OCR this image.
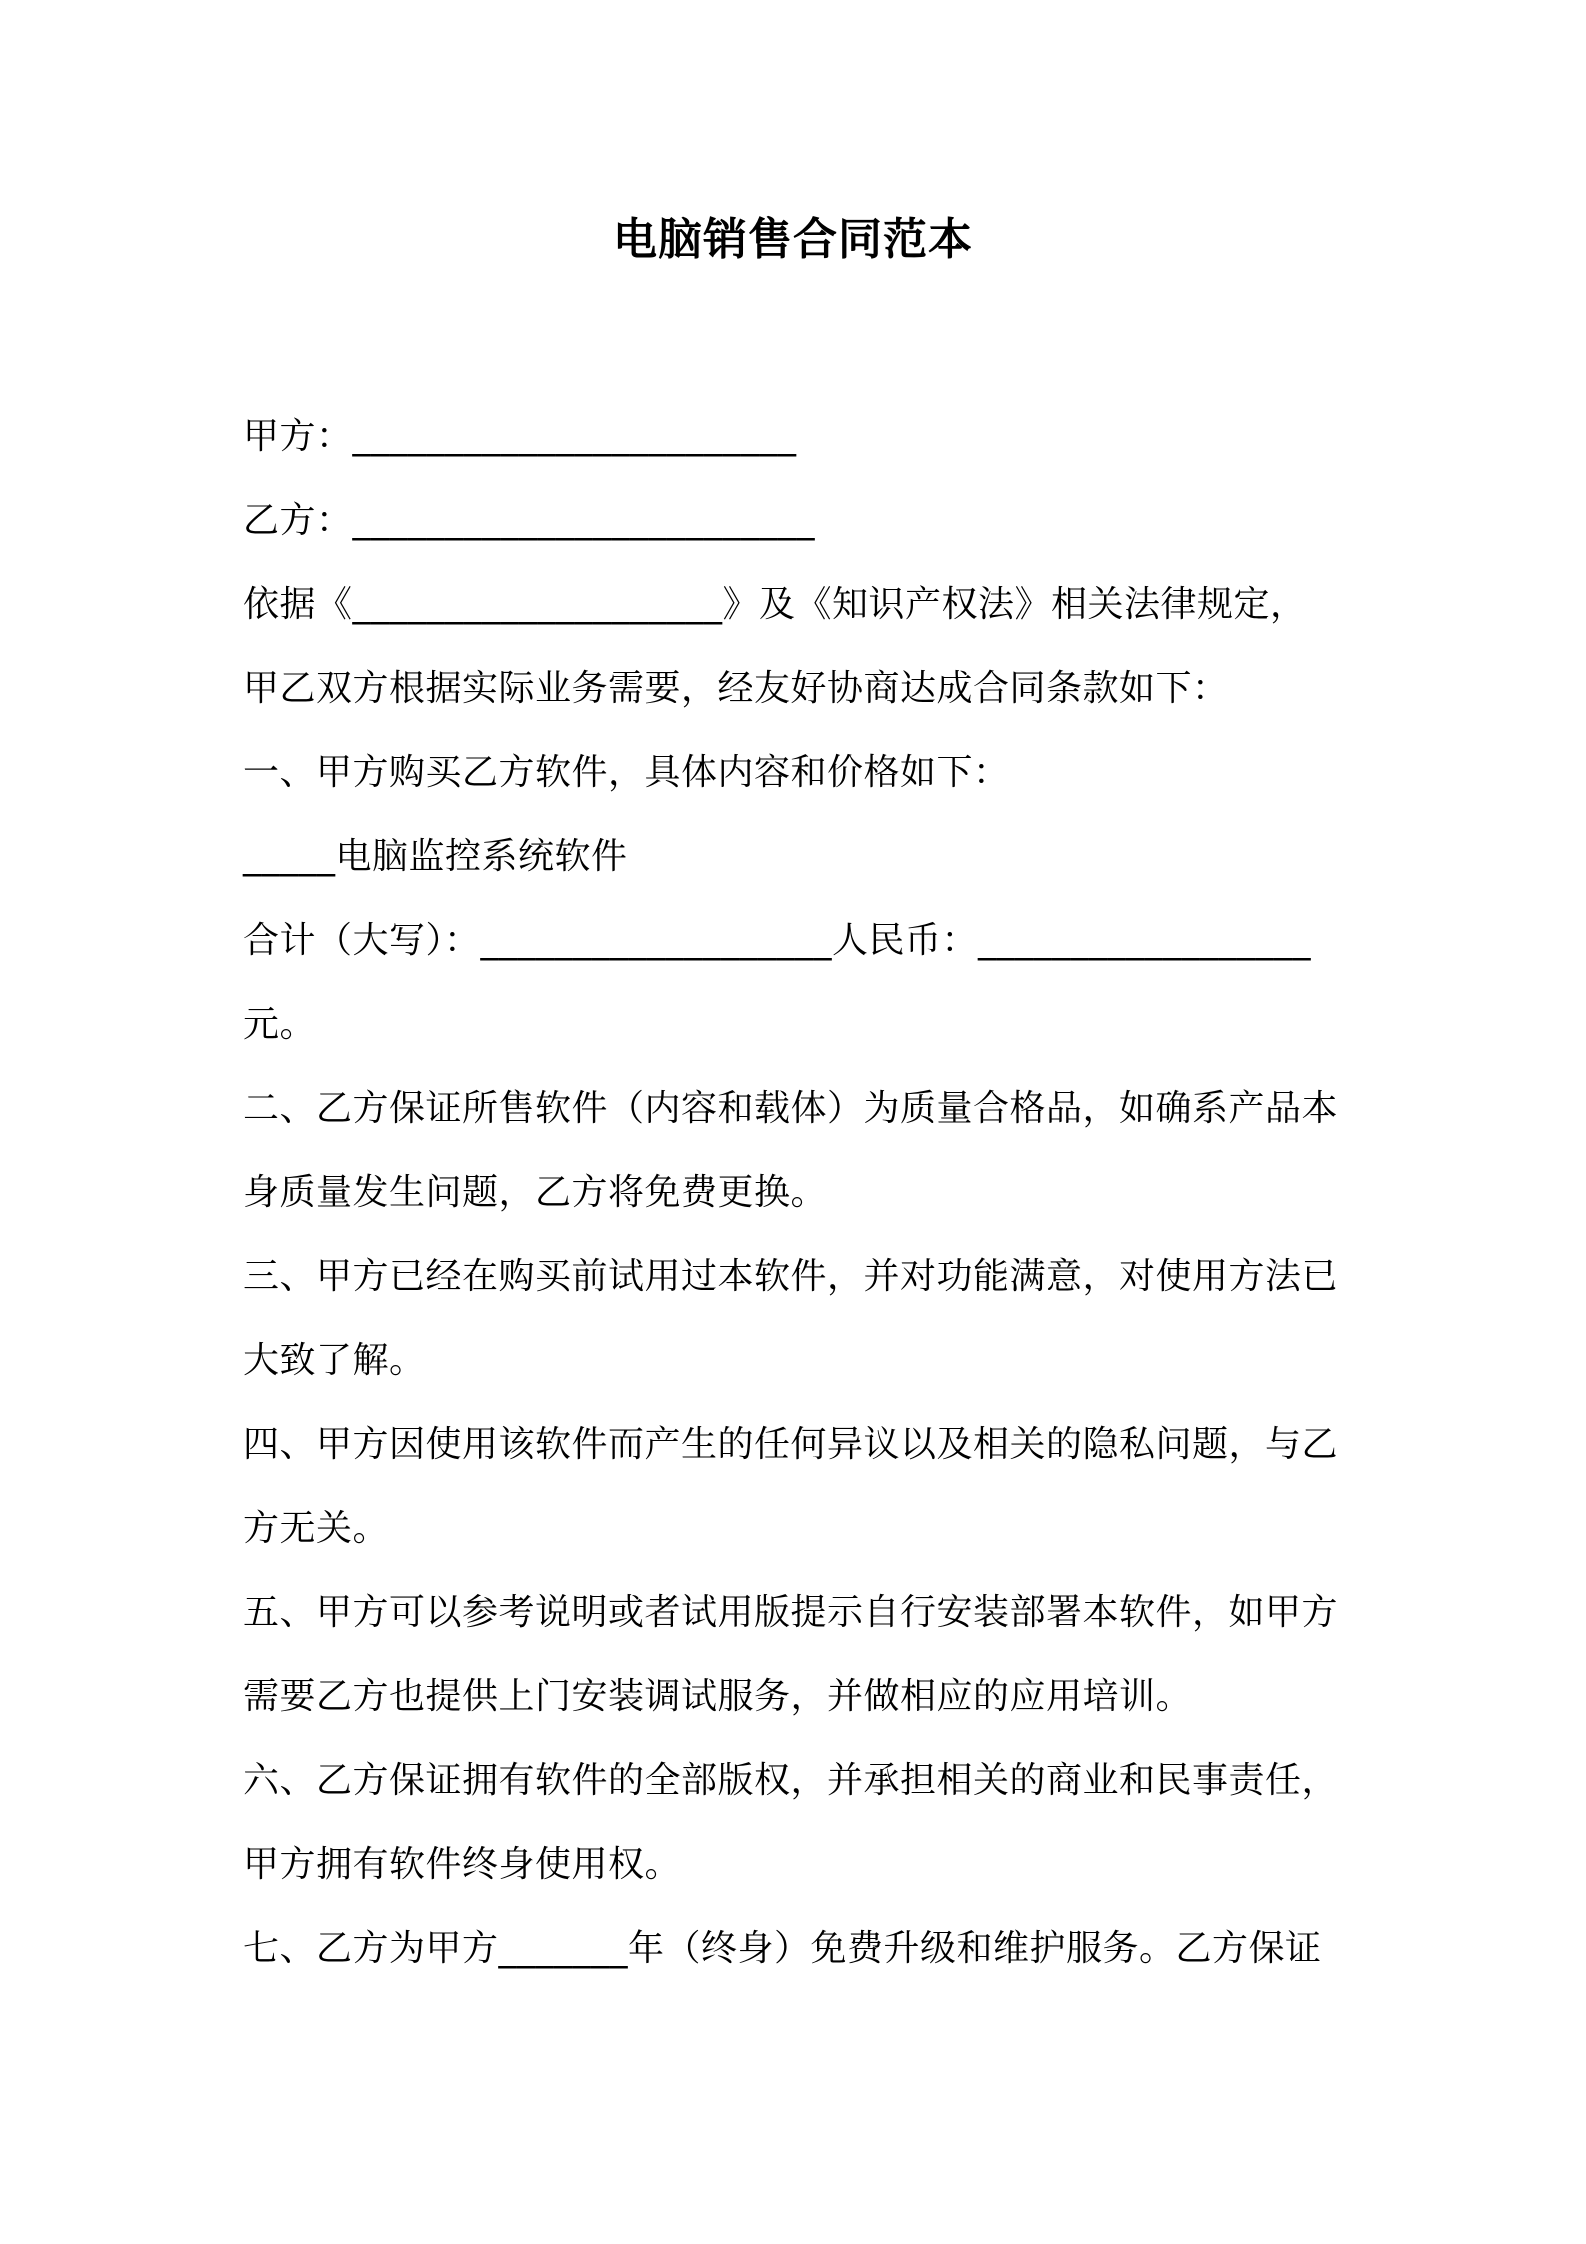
电脑销售合同范本
甲方：________________________
乙方：_________________________
依据《____________________》及《知识产权法》相关法律规定，
甲乙双方根据实际业务需要，经友好协商达成合同条款如下：
一、甲方购买乙方软件，具体内容和价格如下：
_____电脑监控系统软件
合计（大写）：___________________人民币：__________________
元。
二、乙方保证所售软件（内容和载体）为质量合格品，如确系产品本
身质量发生问题，乙方将免费更换。
三、甲方已经在购买前试用过本软件，并对功能满意，对使用方法已
大致了解。
四、甲方因使用该软件而产生的任何异议以及相关的隐私问题，与乙
方无关。
五、甲方可以参考说明或者试用版提示自行安装部署本软件，如甲方
需要乙方也提供上门安装调试服务，并做相应的应用培训。
六、乙方保证拥有软件的全部版权，并承担相关的商业和民事责任，
甲方拥有软件终身使用权。
七、乙方为甲方_______年（终身）免费升级和维护服务。乙方保证
